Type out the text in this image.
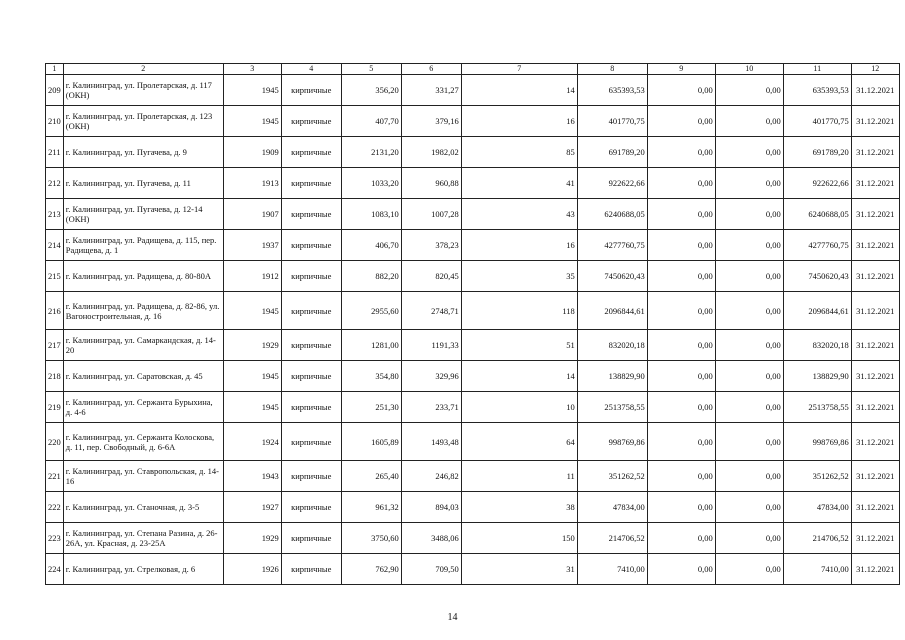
1	2	3	4	5	6	7	8	9	10	11	12
209	г. Калининград, ул. Пролетарская, д. 117 (ОКН)	1945	кирпичные	356,20	331,27	14	635393,53	0,00	0,00	635393,53	31.12.2021
210	г. Калининград, ул. Пролетарская, д. 123 (ОКН)	1945	кирпичные	407,70	379,16	16	401770,75	0,00	0,00	401770,75	31.12.2021
211	г. Калининград, ул. Пугачева, д. 9	1909	кирпичные	2131,20	1982,02	85	691789,20	0,00	0,00	691789,20	31.12.2021
212	г. Калининград, ул. Пугачева, д. 11	1913	кирпичные	1033,20	960,88	41	922622,66	0,00	0,00	922622,66	31.12.2021
213	г. Калининград, ул. Пугачева, д. 12-14 (ОКН)	1907	кирпичные	1083,10	1007,28	43	6240688,05	0,00	0,00	6240688,05	31.12.2021
214	г. Калининград, ул. Радищева, д. 115, пер. Радищева, д. 1	1937	кирпичные	406,70	378,23	16	4277760,75	0,00	0,00	4277760,75	31.12.2021
215	г. Калининград, ул. Радищева, д. 80-80А	1912	кирпичные	882,20	820,45	35	7450620,43	0,00	0,00	7450620,43	31.12.2021
216	г. Калининград, ул. Радищева, д. 82-86, ул. Вагоностроительная, д. 16	1945	кирпичные	2955,60	2748,71	118	2096844,61	0,00	0,00	2096844,61	31.12.2021
217	г. Калининград, ул. Самаркандская, д. 14-20	1929	кирпичные	1281,00	1191,33	51	832020,18	0,00	0,00	832020,18	31.12.2021
218	г. Калининград, ул. Саратовская, д. 45	1945	кирпичные	354,80	329,96	14	138829,90	0,00	0,00	138829,90	31.12.2021
219	г. Калининград, ул. Сержанта Бурыхина, д. 4-6	1945	кирпичные	251,30	233,71	10	2513758,55	0,00	0,00	2513758,55	31.12.2021
220	г. Калининград, ул. Сержанта Колоскова, д. 11, пер. Свободный, д. 6-6А	1924	кирпичные	1605,89	1493,48	64	998769,86	0,00	0,00	998769,86	31.12.2021
221	г. Калининград, ул. Ставропольская, д. 14-16	1943	кирпичные	265,40	246,82	11	351262,52	0,00	0,00	351262,52	31.12.2021
222	г. Калининград, ул. Станочная, д. 3-5	1927	кирпичные	961,32	894,03	38	47834,00	0,00	0,00	47834,00	31.12.2021
223	г. Калининград, ул. Степана Разина, д. 26-26А, ул. Красная, д. 23-25А	1929	кирпичные	3750,60	3488,06	150	214706,52	0,00	0,00	214706,52	31.12.2021
224	г. Калининград, ул. Стрелковая, д. 6	1926	кирпичные	762,90	709,50	31	7410,00	0,00	0,00	7410,00	31.12.2021
14
